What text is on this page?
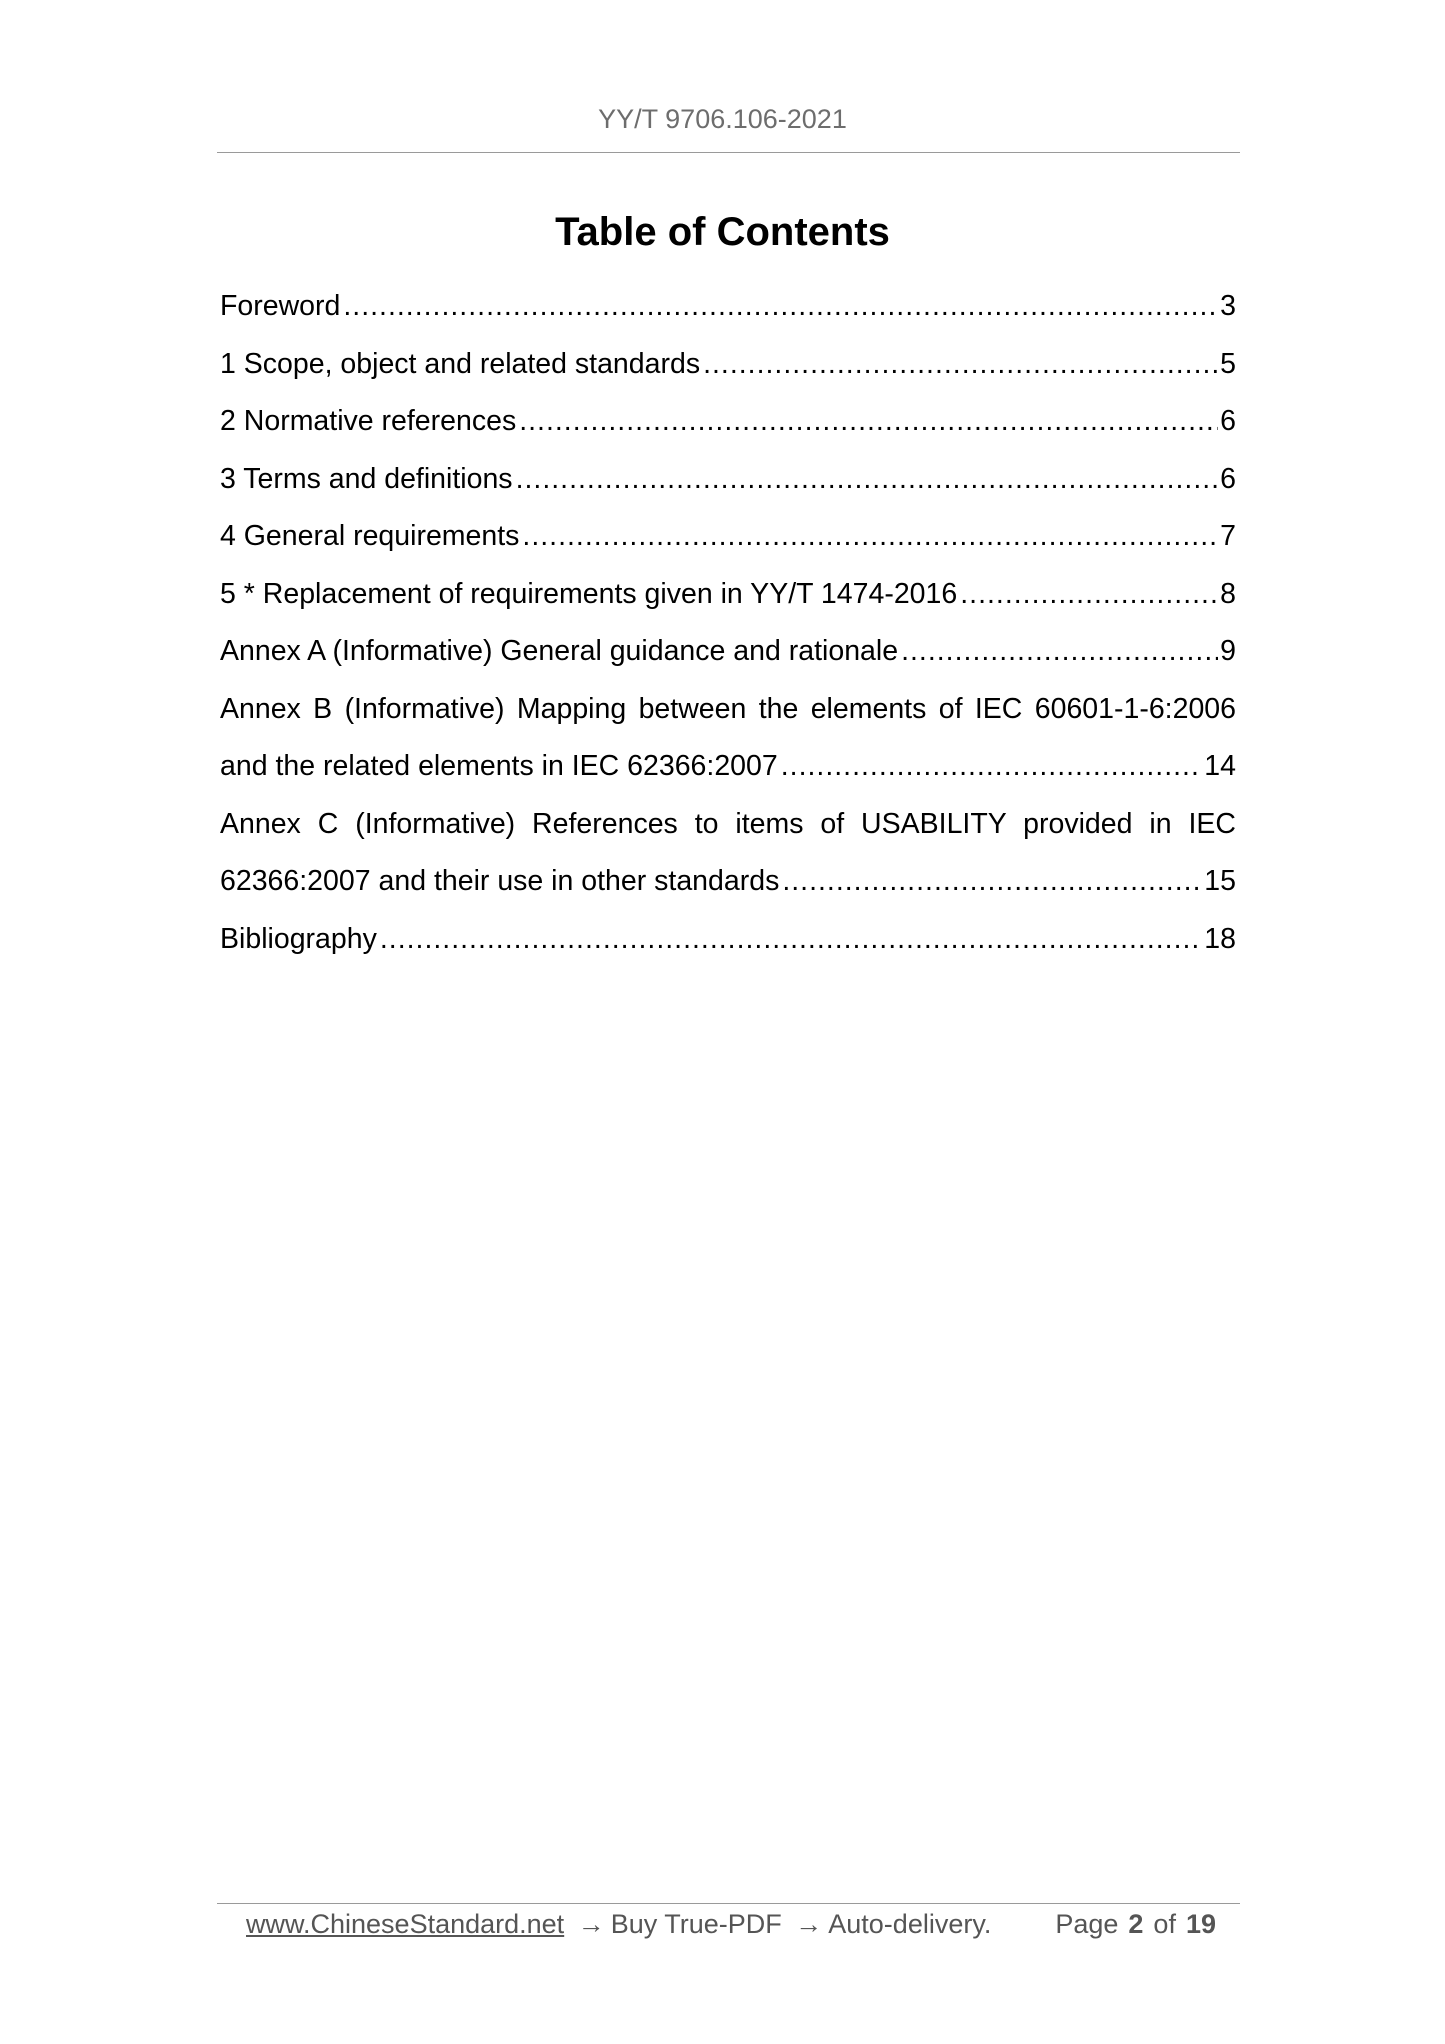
YY/T 9706.106-2021
Table of Contents
Foreword .....	3
1 Scope, object and related standards .....	5
2 Normative references .....	6
3 Terms and definitions .....	6
4 General requirements .....	7
5 * Replacement of requirements given in YY/T 1474-2016 .....	8
Annex A (Informative) General guidance and rationale .....	9
Annex B (Informative) Mapping between the elements of IEC 60601-1-6:2006
and the related elements in IEC 62366:2007 .....	14
Annex C (Informative) References to items of USABILITY provided in IEC
62366:2007 and their use in other standards .....	15
Bibliography .....	18
www.ChineseStandard.net → Buy True-PDF → Auto-delivery. Page 2 of 19
